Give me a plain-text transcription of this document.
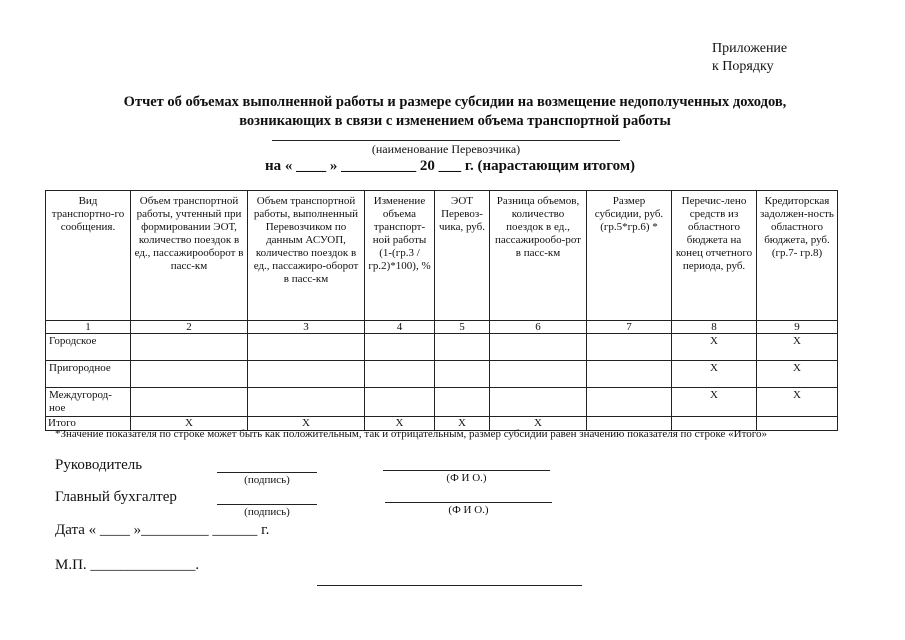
Приложение
к Порядку
Отчет об объемах выполненной работы и размере субсидии на возмещение недополученных доходов,
возникающих в связи с изменением объема транспортной работы
(наименование Перевозчика)
на « ____ » __________ 20 ___ г. (нарастающим итогом)
Вид транспортно-го сообщения.	Объем транспортной работы, учтенный при формировании ЭОТ, количество поездок в ед., пассажирооборот в пасс-км	Объем транспортной работы, выполненный Перевозчиком по данным АСУОП, количество поездок в ед., пассажиро-оборот в пасс-км	Изменение объема транспорт-ной работы (1-(гр.3 / гр.2)*100), %	ЭОТ Перевоз-чика, руб.	Разница объемов, количество поездок в ед., пассажирообо-рот в пасс-км	Размер субсидии, руб. (гр.5*гр.6) *	Перечис-лено средств из областного бюджета на конец отчетного периода, руб.	Кредиторская задолжен-ность областного бюджета, руб. (гр.7- гр.8)
1	2	3	4	5	6	7	8	9
Городское							X	X
Пригородное							X	X
Междугород-ное							X	X
Итого	X	X	X	X	X			
*Значение показателя по строке может быть как положительным, так и отрицательным, размер субсидии равен значению показателя по строке «Итого»
Руководитель
(подпись)	(Ф И О.)
Главный бухгалтер
(подпись)	(Ф И О.)
Дата « ____ »_________ ______ г.
М.П. ______________.
